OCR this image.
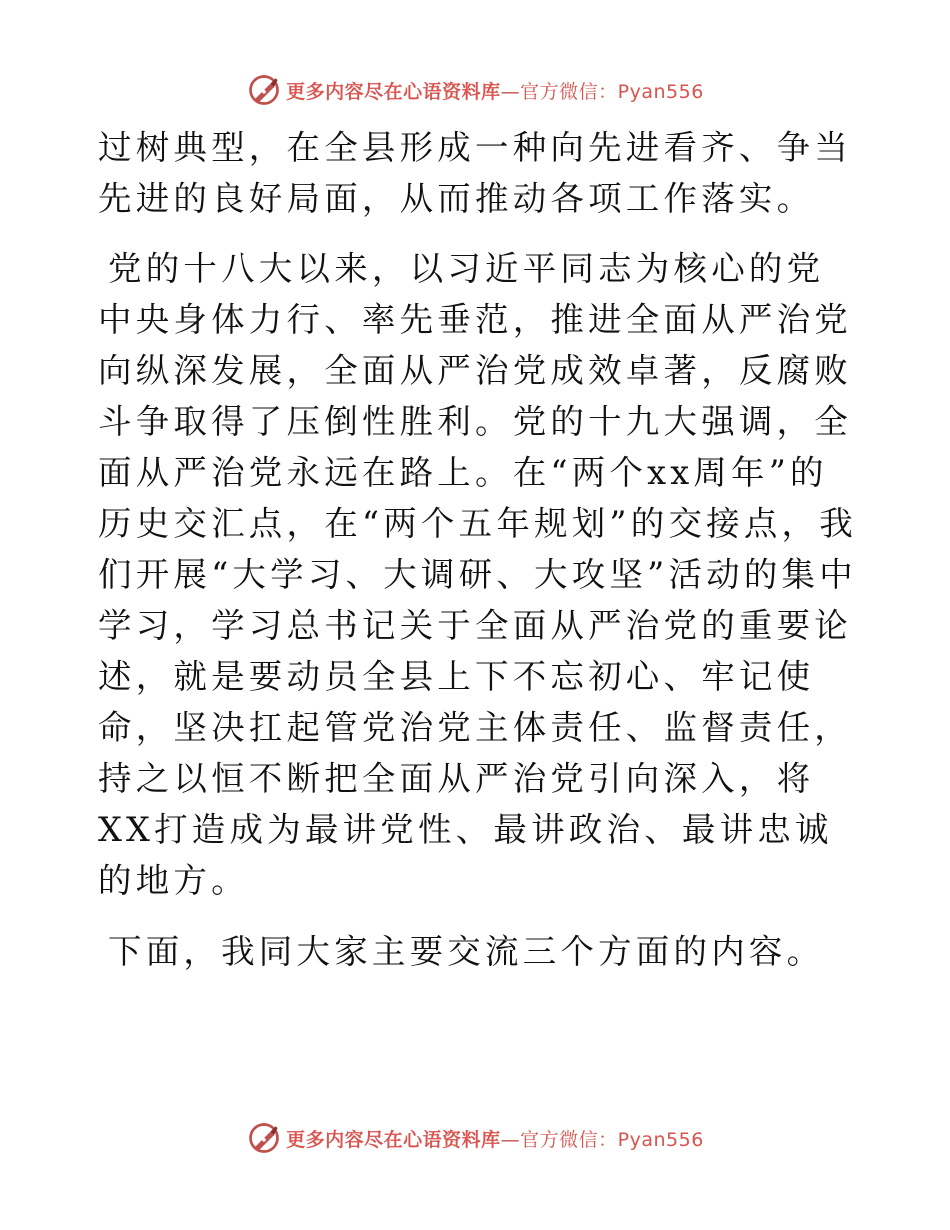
更多内容尽在心语资料库—官方微信：Pyan556

过树典型，在全县形成一种向先进看齐、争当先进的良好局面，从而推动各项工作落实。

党的十八大以来，以习近平同志为核心的党中央身体力行、率先垂范，推进全面从严治党向纵深发展，全面从严治党成效卓著，反腐败斗争取得了压倒性胜利。党的十九大强调，全面从严治党永远在路上。在“两个xx周年”的历史交汇点，在“两个五年规划”的交接点，我们开展“大学习、大调研、大攻坚”活动的集中学习，学习总书记关于全面从严治党的重要论述，就是要动员全县上下不忘初心、牢记使命，坚决扛起管党治党主体责任、监督责任，持之以恒不断把全面从严治党引向深入，将XX打造成为最讲党性、最讲政治、最讲忠诚的地方。

下面，我同大家主要交流三个方面的内容。

更多内容尽在心语资料库—官方微信：Pyan556
